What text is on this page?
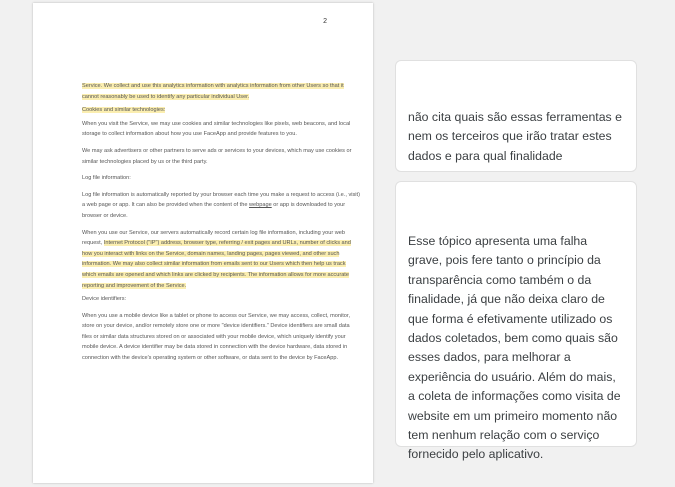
2

Service. We collect and use this analytics information with analytics information from other Users so that it cannot reasonably be used to identify any particular individual User.

Cookies and similar technologies:

When you visit the Service, we may use cookies and similar technologies like pixels, web beacons, and local storage to collect information about how you use FaceApp and provide features to you.

We may ask advertisers or other partners to serve ads or services to your devices, which may use cookies or similar technologies placed by us or the third party.

Log file information:

Log file information is automatically reported by your browser each time you make a request to access (i.e., visit) a web page or app. It can also be provided when the content of the webpage or app is downloaded to your browser or device.

When you use our Service, our servers automatically record certain log file information, including your web request, Internet Protocol ("IP") address, browser type, referring / exit pages and URLs, number of clicks and how you interact with links on the Service, domain names, landing pages, pages viewed, and other such information. We may also collect similar information from emails sent to our Users which then help us track which emails are opened and which links are clicked by recipients. The information allows for more accurate reporting and improvement of the Service.

Device identifiers:

When you use a mobile device like a tablet or phone to access our Service, we may access, collect, monitor, store on your device, and/or remotely store one or more "device identifiers." Device identifiers are small data files or similar data structures stored on or associated with your mobile device, which uniquely identify your mobile device. A device identifier may be data stored in connection with the device hardware, data stored in connection with the device's operating system or other software, or data sent to the device by FaceApp.

não cita quais são essas ferramentas e nem os terceiros que irão tratar estes dados e para qual finalidade

Esse tópico apresenta uma falha grave, pois fere tanto o princípio da transparência como também o da finalidade, já que não deixa claro de que forma é efetivamente utilizado os dados coletados, bem como quais são esses dados, para melhorar a experiência do usuário. Além do mais, a coleta de informações como visita de website em um primeiro momento não tem nenhum relação com o serviço fornecido pelo aplicativo.
